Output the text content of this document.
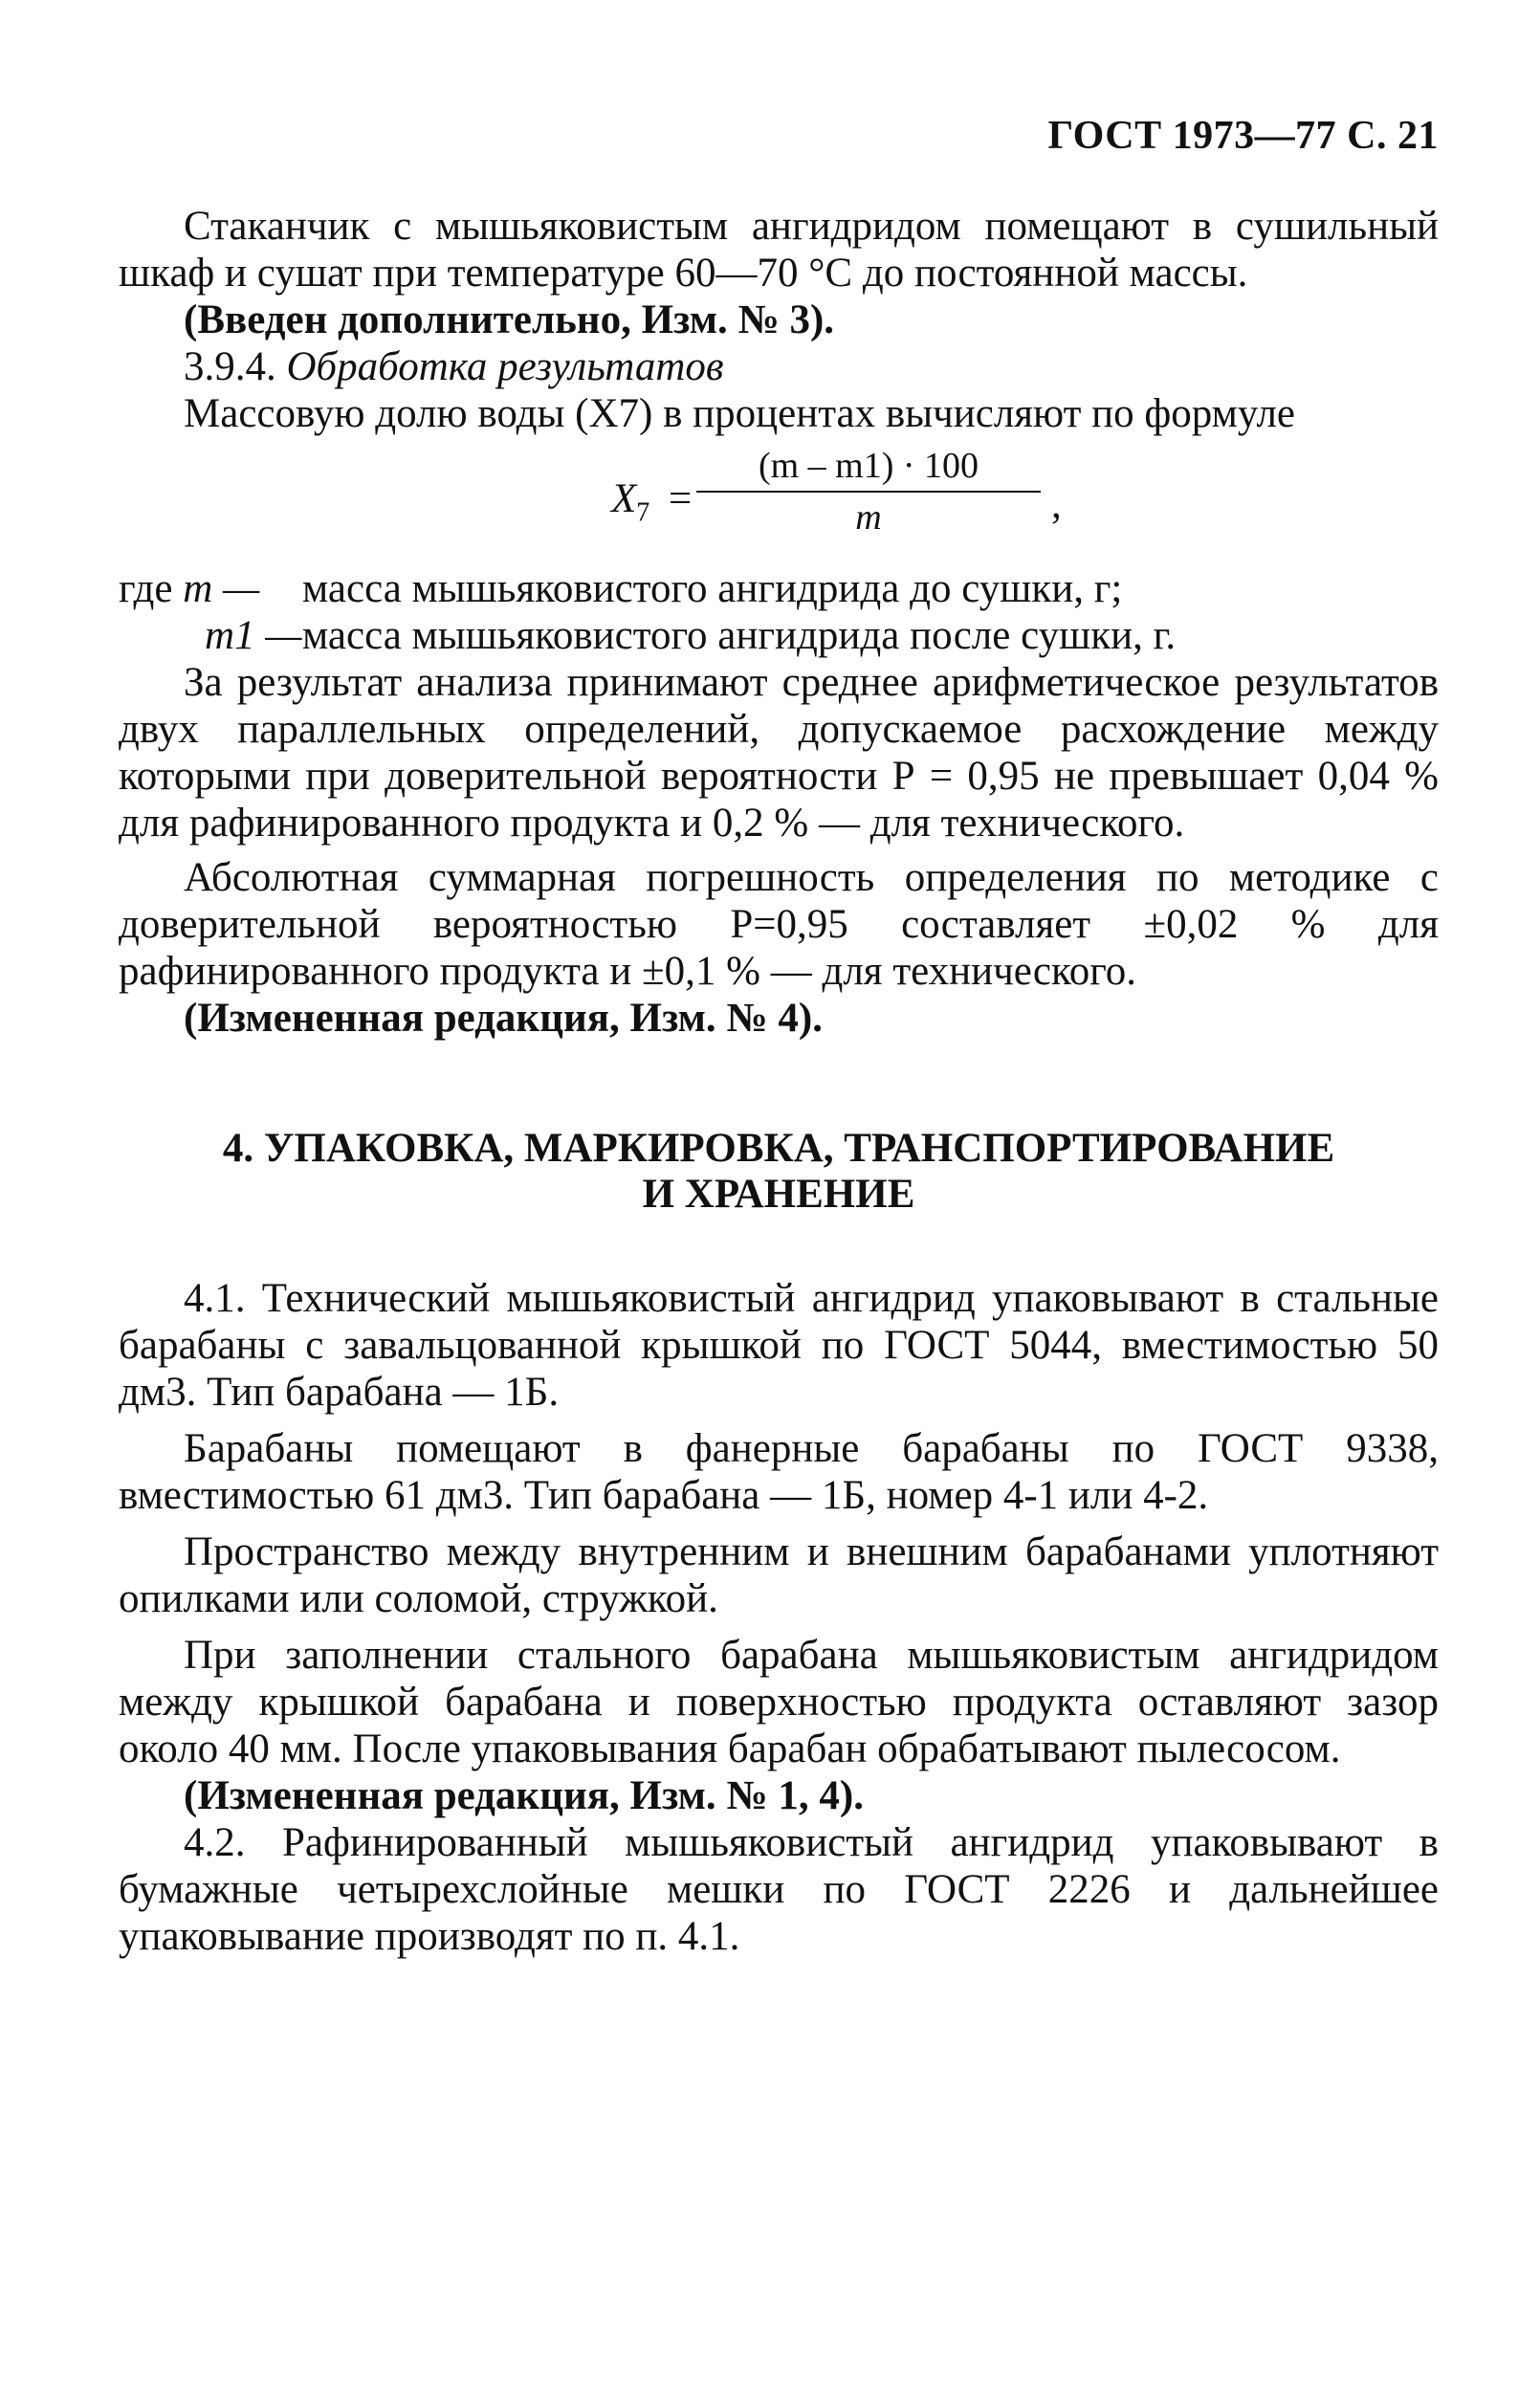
ГОСТ 1973—77 С. 21

Стаканчик с мышьяковистым ангидридом помещают в сушильный шкаф и сушат при температуре 60—70 °С до постоянной массы.

(Введен дополнительно, Изм. № 3).

3.9.4. Обработка результатов

Массовую долю воды (Х7) в процентах вычисляют по формуле

$X_7$ =
(m – m1) · 100
m	,
где m —	масса мышьяковистого ангидрида до сушки, г;
m1 — масса мышьяковистого ангидрида после сушки, г.

За результат анализа принимают среднее арифметическое результатов двух параллельных определений, допускаемое расхождение между которыми при доверительной вероятности Р = 0,95 не превышает 0,04 % для рафинированного продукта и 0,2 % — для технического.

Абсолютная суммарная погрешность определения по методике с доверительной вероятностью Р=0,95 составляет ±0,02 % для рафинированного продукта и ±0,1 % — для технического.

(Измененная редакция, Изм. № 4).

4. УПАКОВКА, МАРКИРОВКА, ТРАНСПОРТИРОВАНИЕ
И ХРАНЕНИЕ

4.1. Технический мышьяковистый ангидрид упаковывают в стальные барабаны с завальцованной крышкой по ГОСТ 5044, вместимостью 50 дм3. Тип барабана — 1Б.

Барабаны помещают в фанерные барабаны по ГОСТ 9338, вместимостью 61 дм3. Тип барабана — 1Б, номер 4-1 или 4-2.

Пространство между внутренним и внешним барабанами уплотняют опилками или соломой, стружкой.

При заполнении стального барабана мышьяковистым ангидридом между крышкой барабана и поверхностью продукта оставляют зазор около 40 мм. После упаковывания барабан обрабатывают пылесосом.

(Измененная редакция, Изм. № 1, 4).

4.2. Рафинированный мышьяковистый ангидрид упаковывают в бумажные четырехслойные мешки по ГОСТ 2226 и дальнейшее упаковывание производят по п. 4.1.
